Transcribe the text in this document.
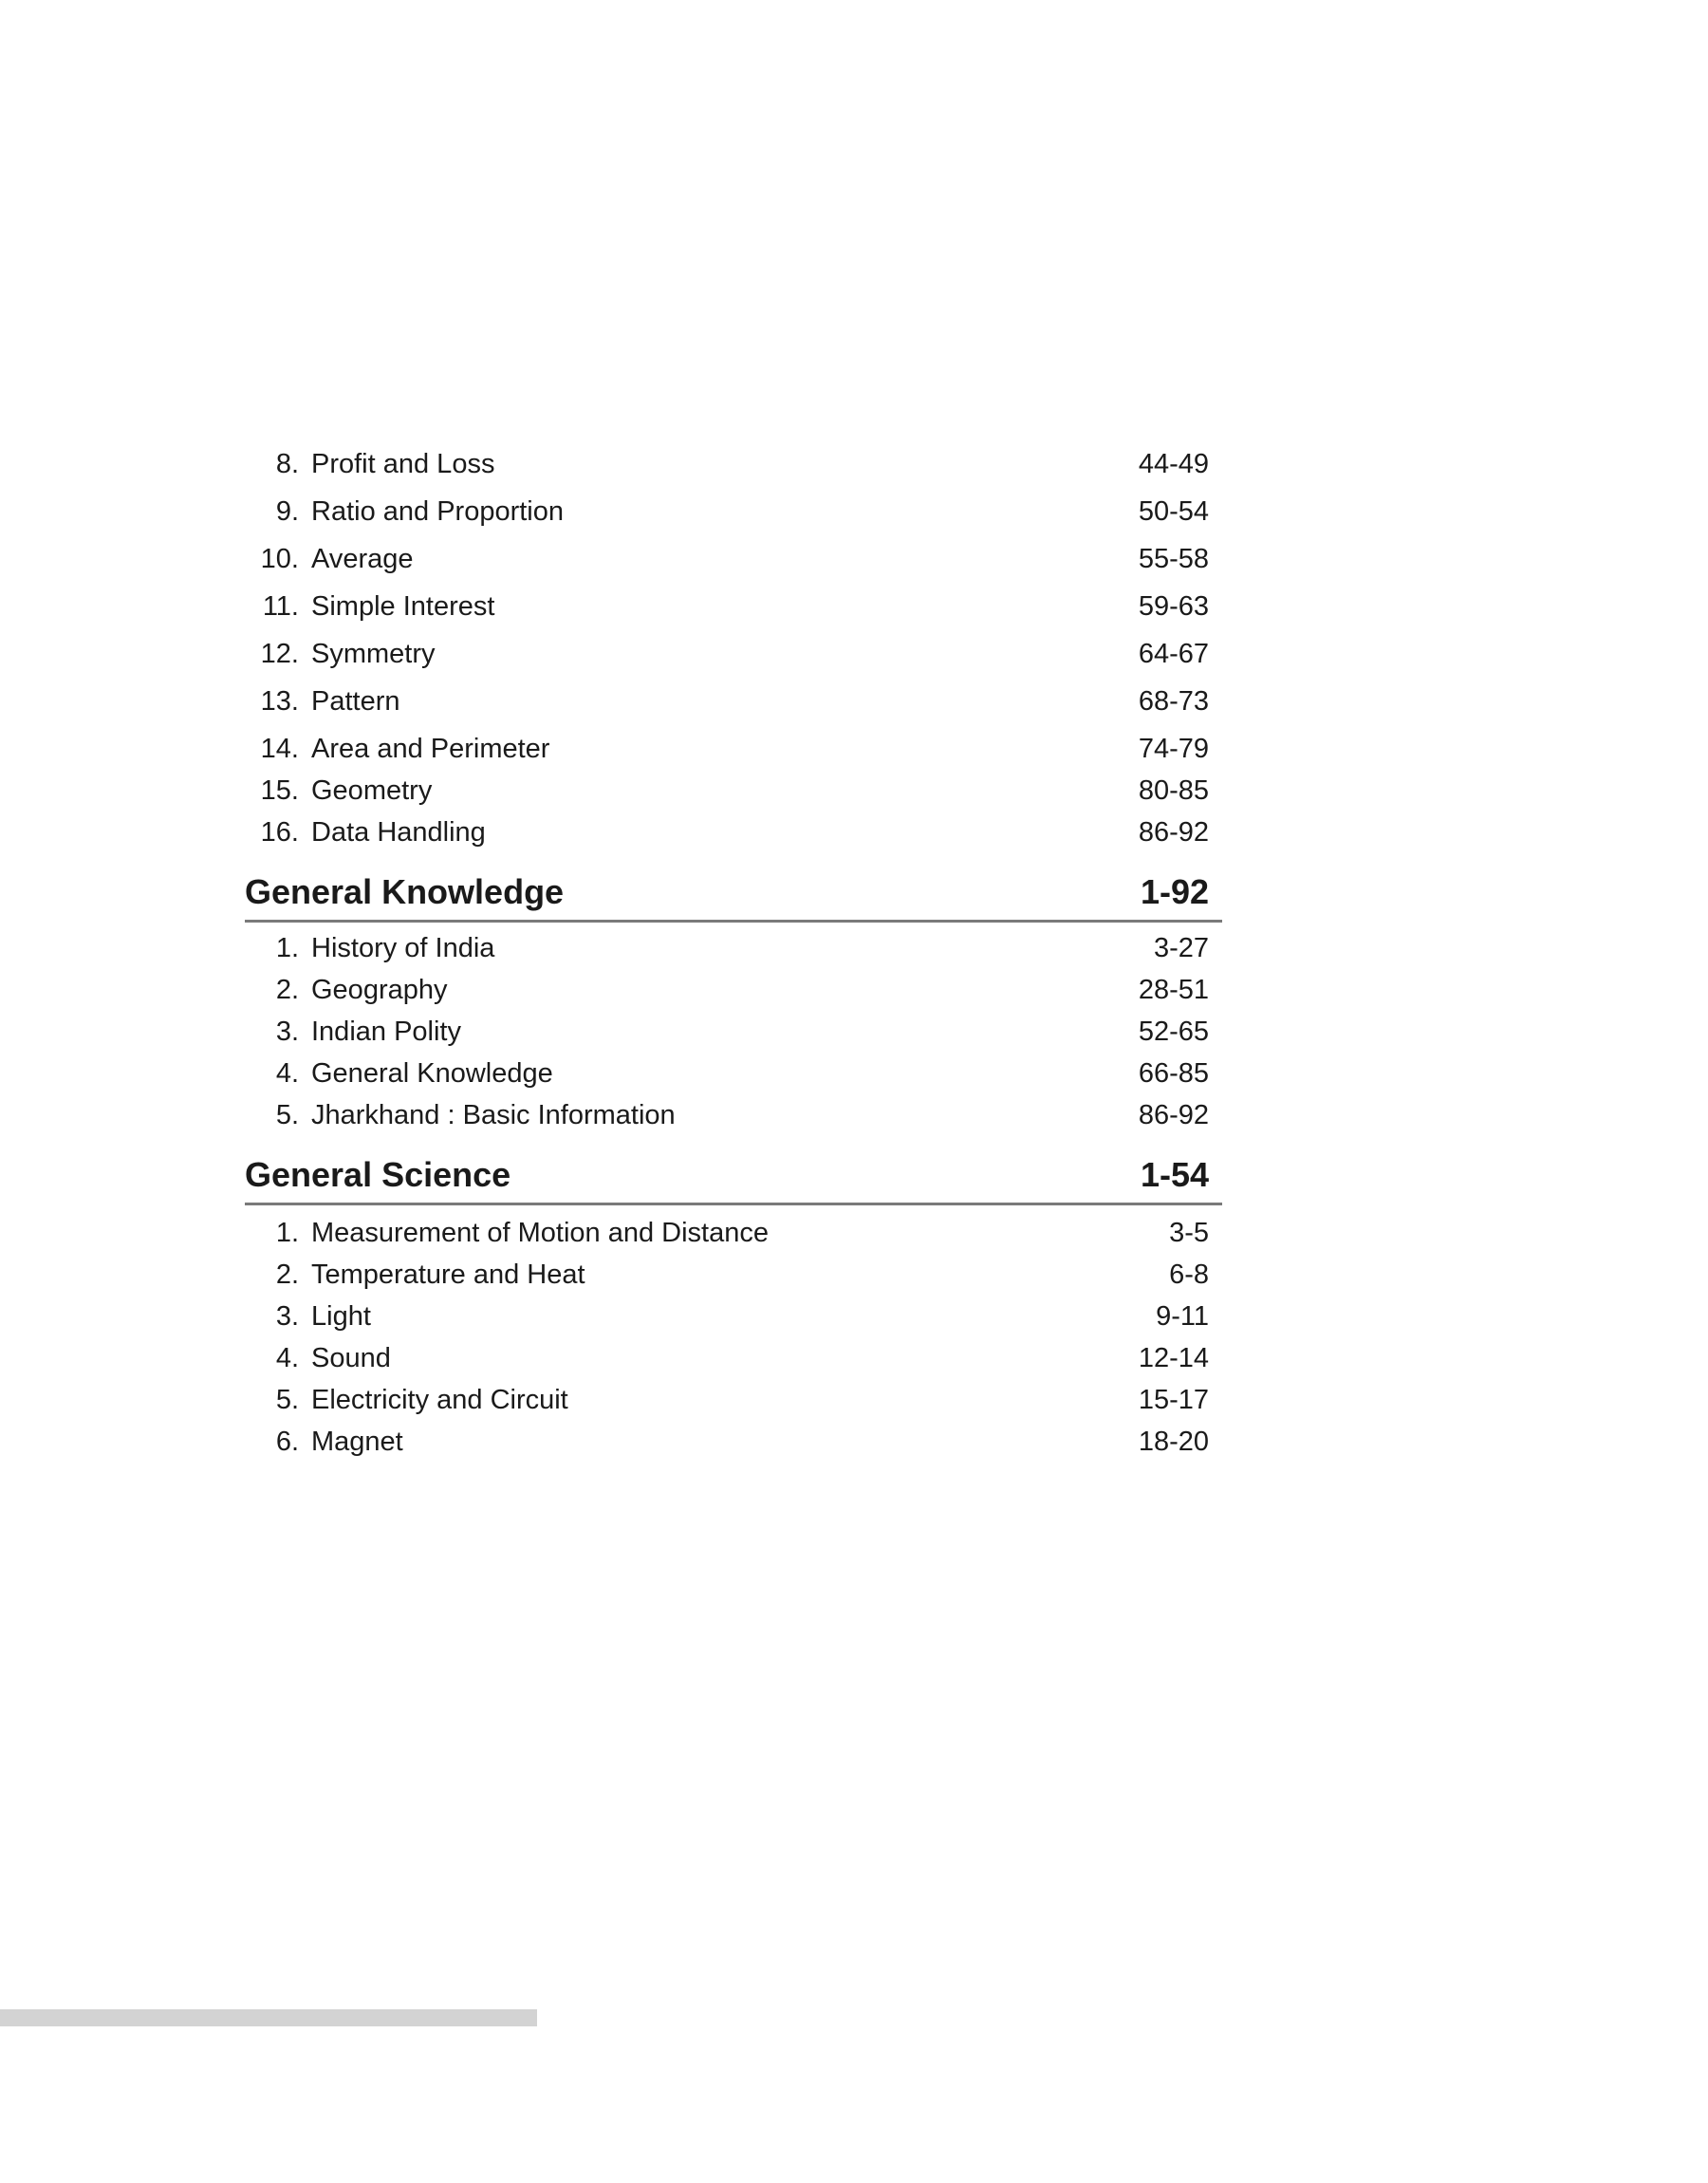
8. Profit and Loss	44-49
9. Ratio and Proportion	50-54
10. Average	55-58
11. Simple Interest	59-63
12. Symmetry	64-67
13. Pattern	68-73
14. Area and Perimeter	74-79
15. Geometry	80-85
16. Data Handling	86-92
General Knowledge	1-92
1. History of India	3-27
2. Geography	28-51
3. Indian Polity	52-65
4. General Knowledge	66-85
5. Jharkhand : Basic Information	86-92
General Science	1-54
1. Measurement of Motion and Distance	3-5
2. Temperature and Heat	6-8
3. Light	9-11
4. Sound	12-14
5. Electricity and Circuit	15-17
6. Magnet	18-20
